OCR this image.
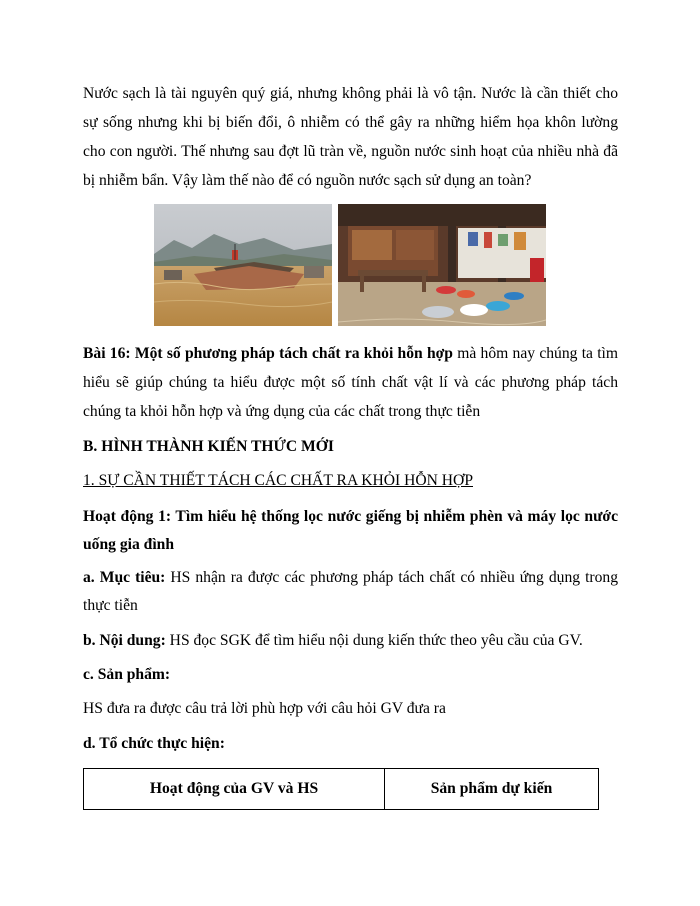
Nước sạch là tài nguyên quý giá, nhưng không phải là vô tận. Nước là cần thiết cho sự sống nhưng khi bị biến đổi, ô nhiễm có thể gây ra những hiểm họa khôn lường cho con người. Thế nhưng sau đợt lũ tràn về, nguồn nước sinh hoạt của nhiều nhà đã bị nhiễm bẩn. Vậy làm thế nào để có nguồn nước sạch sử dụng an toàn?
Bài 16: Một số phương pháp tách chất ra khỏi hỗn hợp mà hôm nay chúng ta tìm hiểu sẽ giúp chúng ta hiểu được một số tính chất vật lí và các phương pháp tách chúng ta khỏi hỗn hợp và ứng dụng của các chất trong thực tiễn
B. HÌNH THÀNH KIẾN THỨC MỚI
1. SỰ CẦN THIẾT TÁCH CÁC CHẤT RA KHỎI HỖN HỢP
Hoạt động 1: Tìm hiểu hệ thống lọc nước giếng bị nhiễm phèn và máy lọc nước uống gia đình
a. Mục tiêu: HS nhận ra được các phương pháp tách chất có nhiều ứng dụng trong thực tiễn
b. Nội dung: HS đọc SGK để tìm hiểu nội dung kiến thức theo yêu cầu của GV.
c. Sản phẩm:
HS đưa ra được câu trả lời phù hợp với câu hỏi GV đưa ra
d. Tổ chức thực hiện:
Hoạt động của GV và HS	Sản phẩm dự kiến
